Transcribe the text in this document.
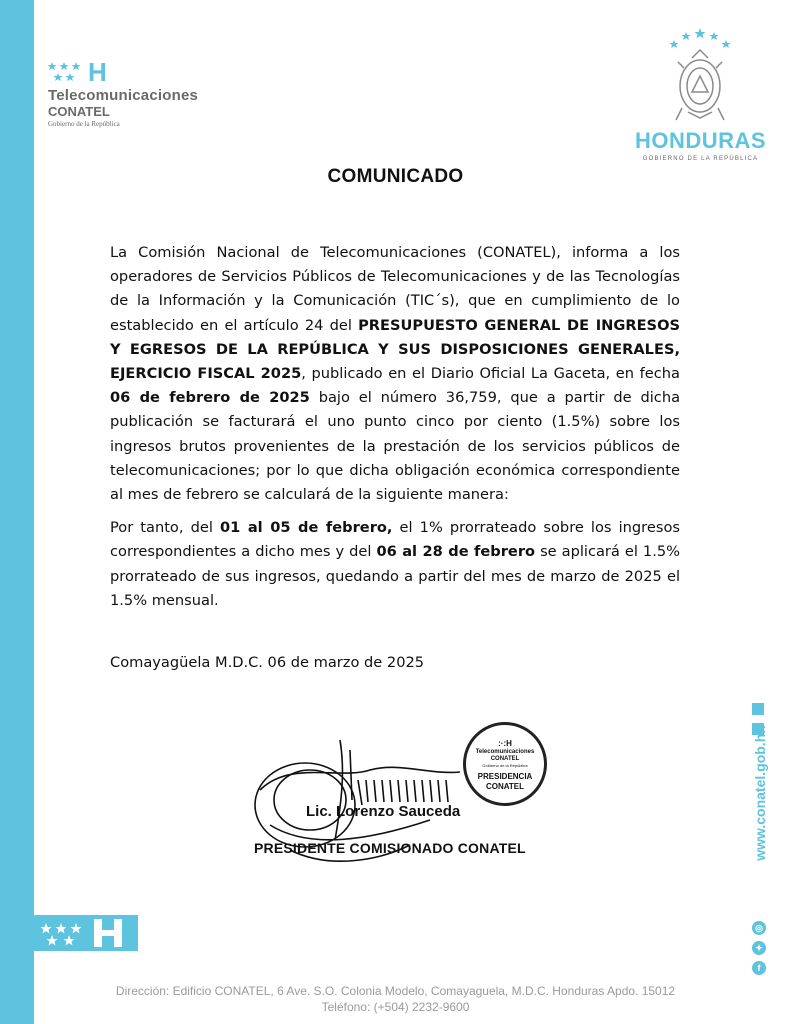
H
Telecomunicaciones
CONATEL
Gobierno de la República
HONDURAS
GOBIERNO DE LA REPÚBLICA
COMUNICADO

La Comisión Nacional de Telecomunicaciones (CONATEL), informa a los operadores de Servicios Públicos de Telecomunicaciones y de las Tecnologías de la Información y la Comunicación (TIC´s), que en cumplimiento de lo establecido en el artículo 24 del PRESUPUESTO GENERAL DE INGRESOS Y EGRESOS DE LA REPÚBLICA Y SUS DISPOSICIONES GENERALES, EJERCICIO FISCAL 2025, publicado en el Diario Oficial La Gaceta, en fecha 06 de febrero de 2025 bajo el número 36,759, que a partir de dicha publicación se facturará el uno punto cinco por ciento (1.5%) sobre los ingresos brutos provenientes de la prestación de los servicios públicos de telecomunicaciones; por lo que dicha obligación económica correspondiente al mes de febrero se calculará de la siguiente manera:

Por tanto, del 01 al 05 de febrero, el 1% prorrateado sobre los ingresos correspondientes a dicho mes y del 06 al 28 de febrero se aplicará el 1.5% prorrateado de sus ingresos, quedando a partir del mes de marzo de 2025 el 1.5% mensual.

Comayagüela M.D.C. 06 de marzo de 2025
:·:H
Telecomunicaciones
CONATEL
Gobierno de la República
PRESIDENCIA
CONATEL
Lic. Lorenzo Sauceda
PRESIDENTE COMISIONADO CONATEL	www.conatel.gob.hn
◎
✦
f
Dirección: Edificio CONATEL, 6 Ave. S.O. Colonia Modelo, Comayaguela, M.D.C. Honduras Apdo. 15012
Teléfono: (+504) 2232-9600
